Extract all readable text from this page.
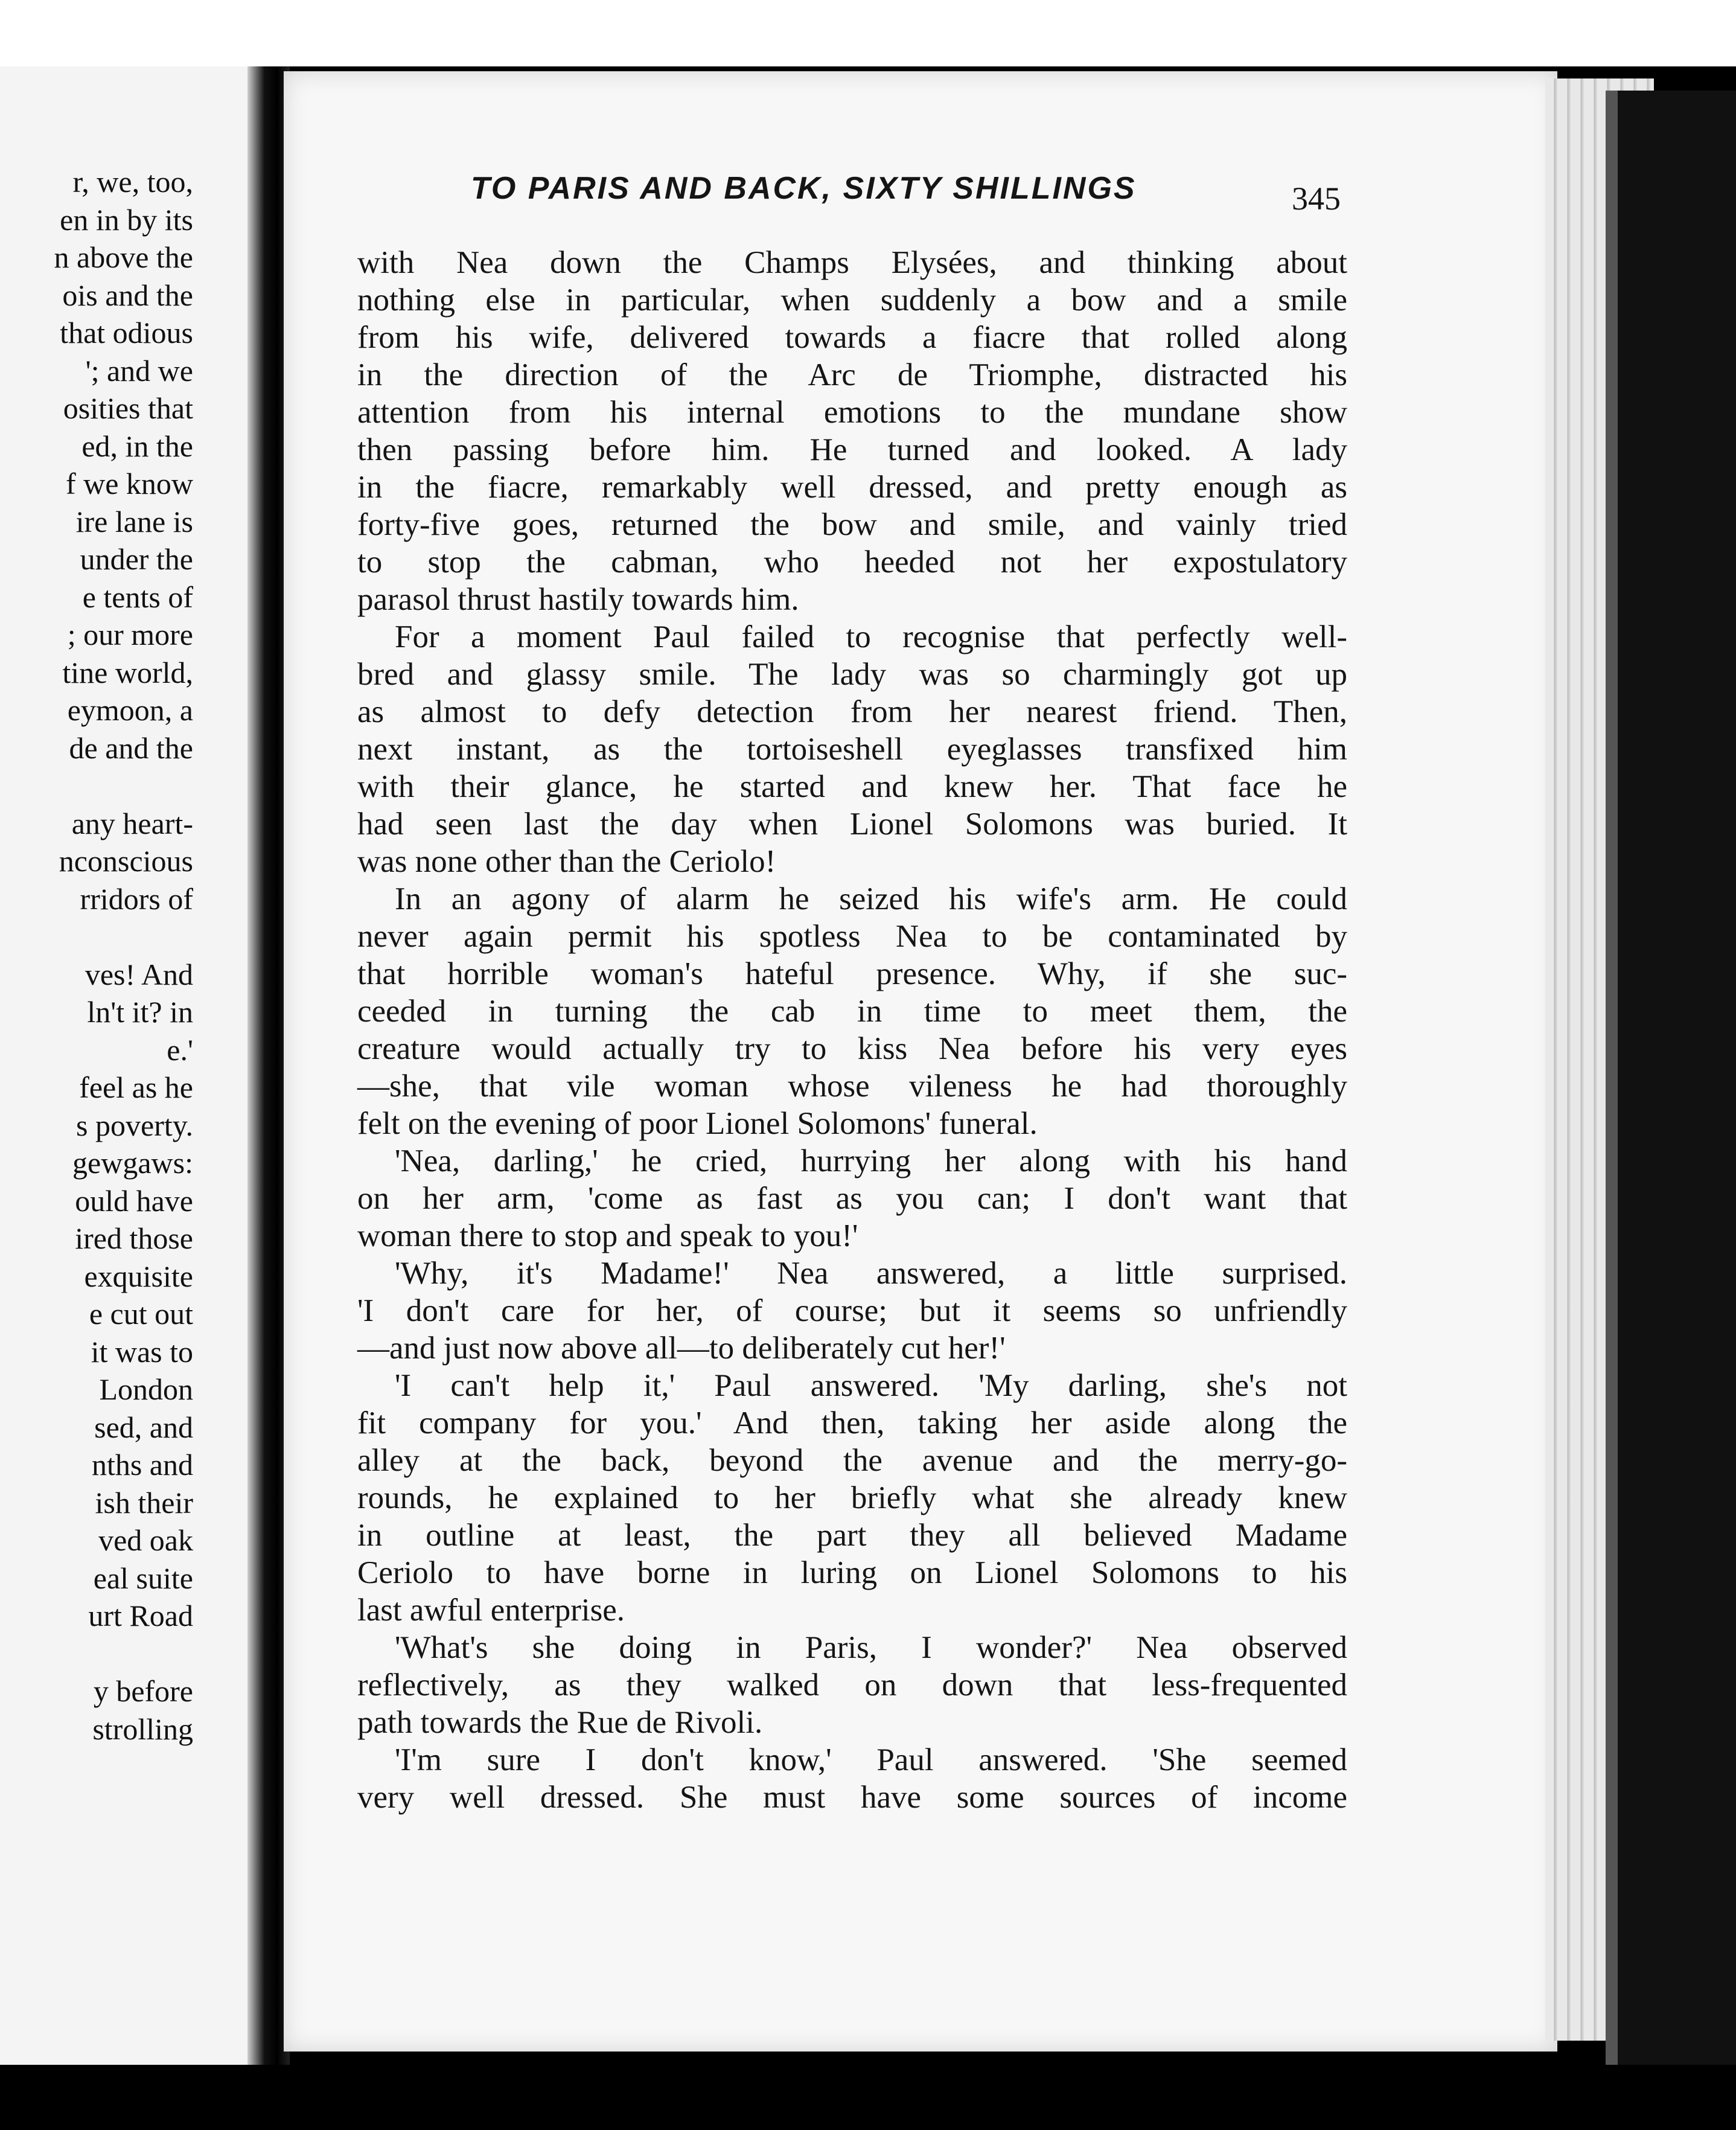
r, we, too,
en in by its
n above the
ois and the
that odious
'; and we
osities that
ed, in the
f we know
ire lane is
under the
e tents of
; our more
tine world,
eymoon, a
de and the
any heart-
nconscious
rridors of
ves! And
ln't it? in
e.'
feel as he
s poverty.
gewgaws:
ould have
ired those
exquisite
e cut out
it was to
London
sed, and
nths and
ish their
ved oak
eal suite
urt Road
y before
strolling
TO PARIS AND BACK, SIXTY SHILLINGS	345
with Nea down the Champs Elysées, and thinking about
nothing else in particular, when suddenly a bow and a smile
from his wife, delivered towards a fiacre that rolled along
in the direction of the Arc de Triomphe, distracted his
attention from his internal emotions to the mundane show
then passing before him. He turned and looked. A lady
in the fiacre, remarkably well dressed, and pretty enough as
forty-five goes, returned the bow and smile, and vainly tried
to stop the cabman, who heeded not her expostulatory
parasol thrust hastily towards him.
For a moment Paul failed to recognise that perfectly well-
bred and glassy smile. The lady was so charmingly got up
as almost to defy detection from her nearest friend. Then,
next instant, as the tortoiseshell eyeglasses transfixed him
with their glance, he started and knew her. That face he
had seen last the day when Lionel Solomons was buried. It
was none other than the Ceriolo!
In an agony of alarm he seized his wife's arm. He could
never again permit his spotless Nea to be contaminated by
that horrible woman's hateful presence. Why, if she suc-
ceeded in turning the cab in time to meet them, the
creature would actually try to kiss Nea before his very eyes
—she, that vile woman whose vileness he had thoroughly
felt on the evening of poor Lionel Solomons' funeral.
'Nea, darling,' he cried, hurrying her along with his hand
on her arm, 'come as fast as you can; I don't want that
woman there to stop and speak to you!'
'Why, it's Madame!' Nea answered, a little surprised.
'I don't care for her, of course; but it seems so unfriendly
—and just now above all—to deliberately cut her!'
'I can't help it,' Paul answered. 'My darling, she's not
fit company for you.' And then, taking her aside along the
alley at the back, beyond the avenue and the merry-go-
rounds, he explained to her briefly what she already knew
in outline at least, the part they all believed Madame
Ceriolo to have borne in luring on Lionel Solomons to his
last awful enterprise.
'What's she doing in Paris, I wonder?' Nea observed
reflectively, as they walked on down that less-frequented
path towards the Rue de Rivoli.
'I'm sure I don't know,' Paul answered. 'She seemed
very well dressed. She must have some sources of income
